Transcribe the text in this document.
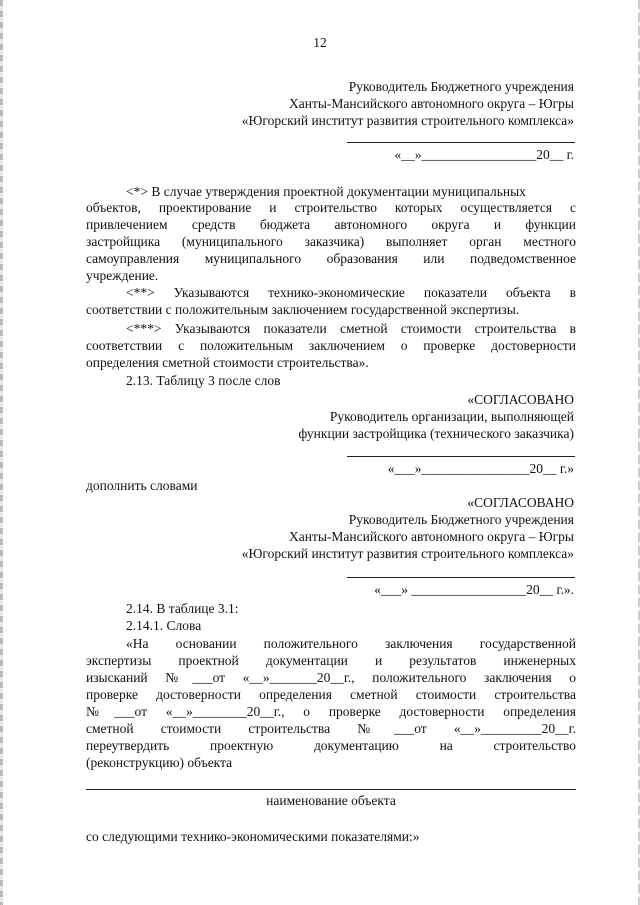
12
Руководитель Бюджетного учреждения
Ханты-Мансийского автономного округа – Югры
«Югорский институт развития строительного комплекса»
«__»_________________20__ г.
<*> В случае утверждения проектной документации муниципальных
объектов, проектирование и строительство которых осуществляется с
привлечением средств бюджета автономного округа и функции
застройщика (муниципального заказчика) выполняет орган местного
самоуправления муниципального образования или подведомственное
учреждение.
<**> Указываются технико-экономические показатели объекта в
соответствии с положительным заключением государственной экспертизы.
<***> Указываются показатели сметной стоимости строительства в
соответствии с положительным заключением о проверке достоверности
определения сметной стоимости строительства».
2.13. Таблицу 3 после слов
«СОГЛАСОВАНО
Руководитель организации, выполняющей
функции застройщика (технического заказчика)
«___»________________20__ г.»
дополнить словами
«СОГЛАСОВАНО
Руководитель Бюджетного учреждения
Ханты-Мансийского автономного округа – Югры
«Югорский институт развития строительного комплекса»
«___» _________________20__ г.».
2.14. В таблице 3.1:
2.14.1. Слова
«На основании положительного заключения государственной
экспертизы проектной документации и результатов инженерных
изысканий №___от «__»_______20__г., положительного заключения о
проверке достоверности определения сметной стоимости строительства
№___от «__»________20__г., о проверке достоверности определения
сметной стоимости строительства №___от «__»_________20__г.
переутвердить проектную документацию на строительство
(реконструкцию) объекта
наименование объекта
со следующими технико-экономическими показателями:»
